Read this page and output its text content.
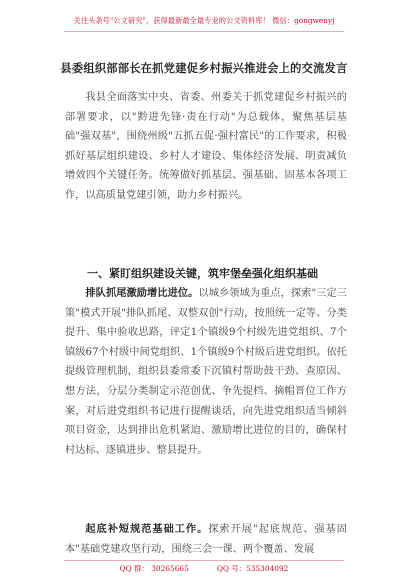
关注头条号"公文研究"，获得最新最全最专业的公文资料库！ 微信：gongwenyj
县委组织部部长在抓党建促乡村振兴推进会上的交流发言

我县全面落实中央、省委、州委关于抓党建促乡村振兴的部署要求，以"黔进先锋·责在行动"为总载体，聚焦基层基础"强双基"，围绕州级"五抓五促·强村富民"的工作要求，积极抓好基层组织建设、乡村人才建设、集体经济发展、明责减负增效四个关键任务。统筹做好抓基层、强基础、固基本各项工作，以高质量党建引领，助力乡村振兴。

一、紧盯组织建设关键，筑牢堡垒强化组织基础

排队抓尾激励增比进位。以城乡领域为重点，探索"三定三策"模式开展"排队抓尾、双整双创"行动，按照统一定等、分类提升、集中验收思路，评定1个镇级9个村级先进党组织、7个镇级67个村级中间党组织、1个镇级9个村级后进党组织。依托提级管理机制，组织县委常委下沉镇村帮助鼓干劲、查原因、想方法，分层分类制定示范创优、争先提档、摘帽晋位工作方案，对后进党组织书记进行提醒谈话，向先进党组织适当倾斜项目资金，达到排出危机紧迫、激励增比进位的目的，确保村村达标、逐镇进步、整县提升。

起底补短规范基础工作。探索开展"起底规范、强基固本"基础党建攻坚行动，围绕三会一课、两个覆盖、发展

QQ 群： 30265665	QQ 号：535304092
